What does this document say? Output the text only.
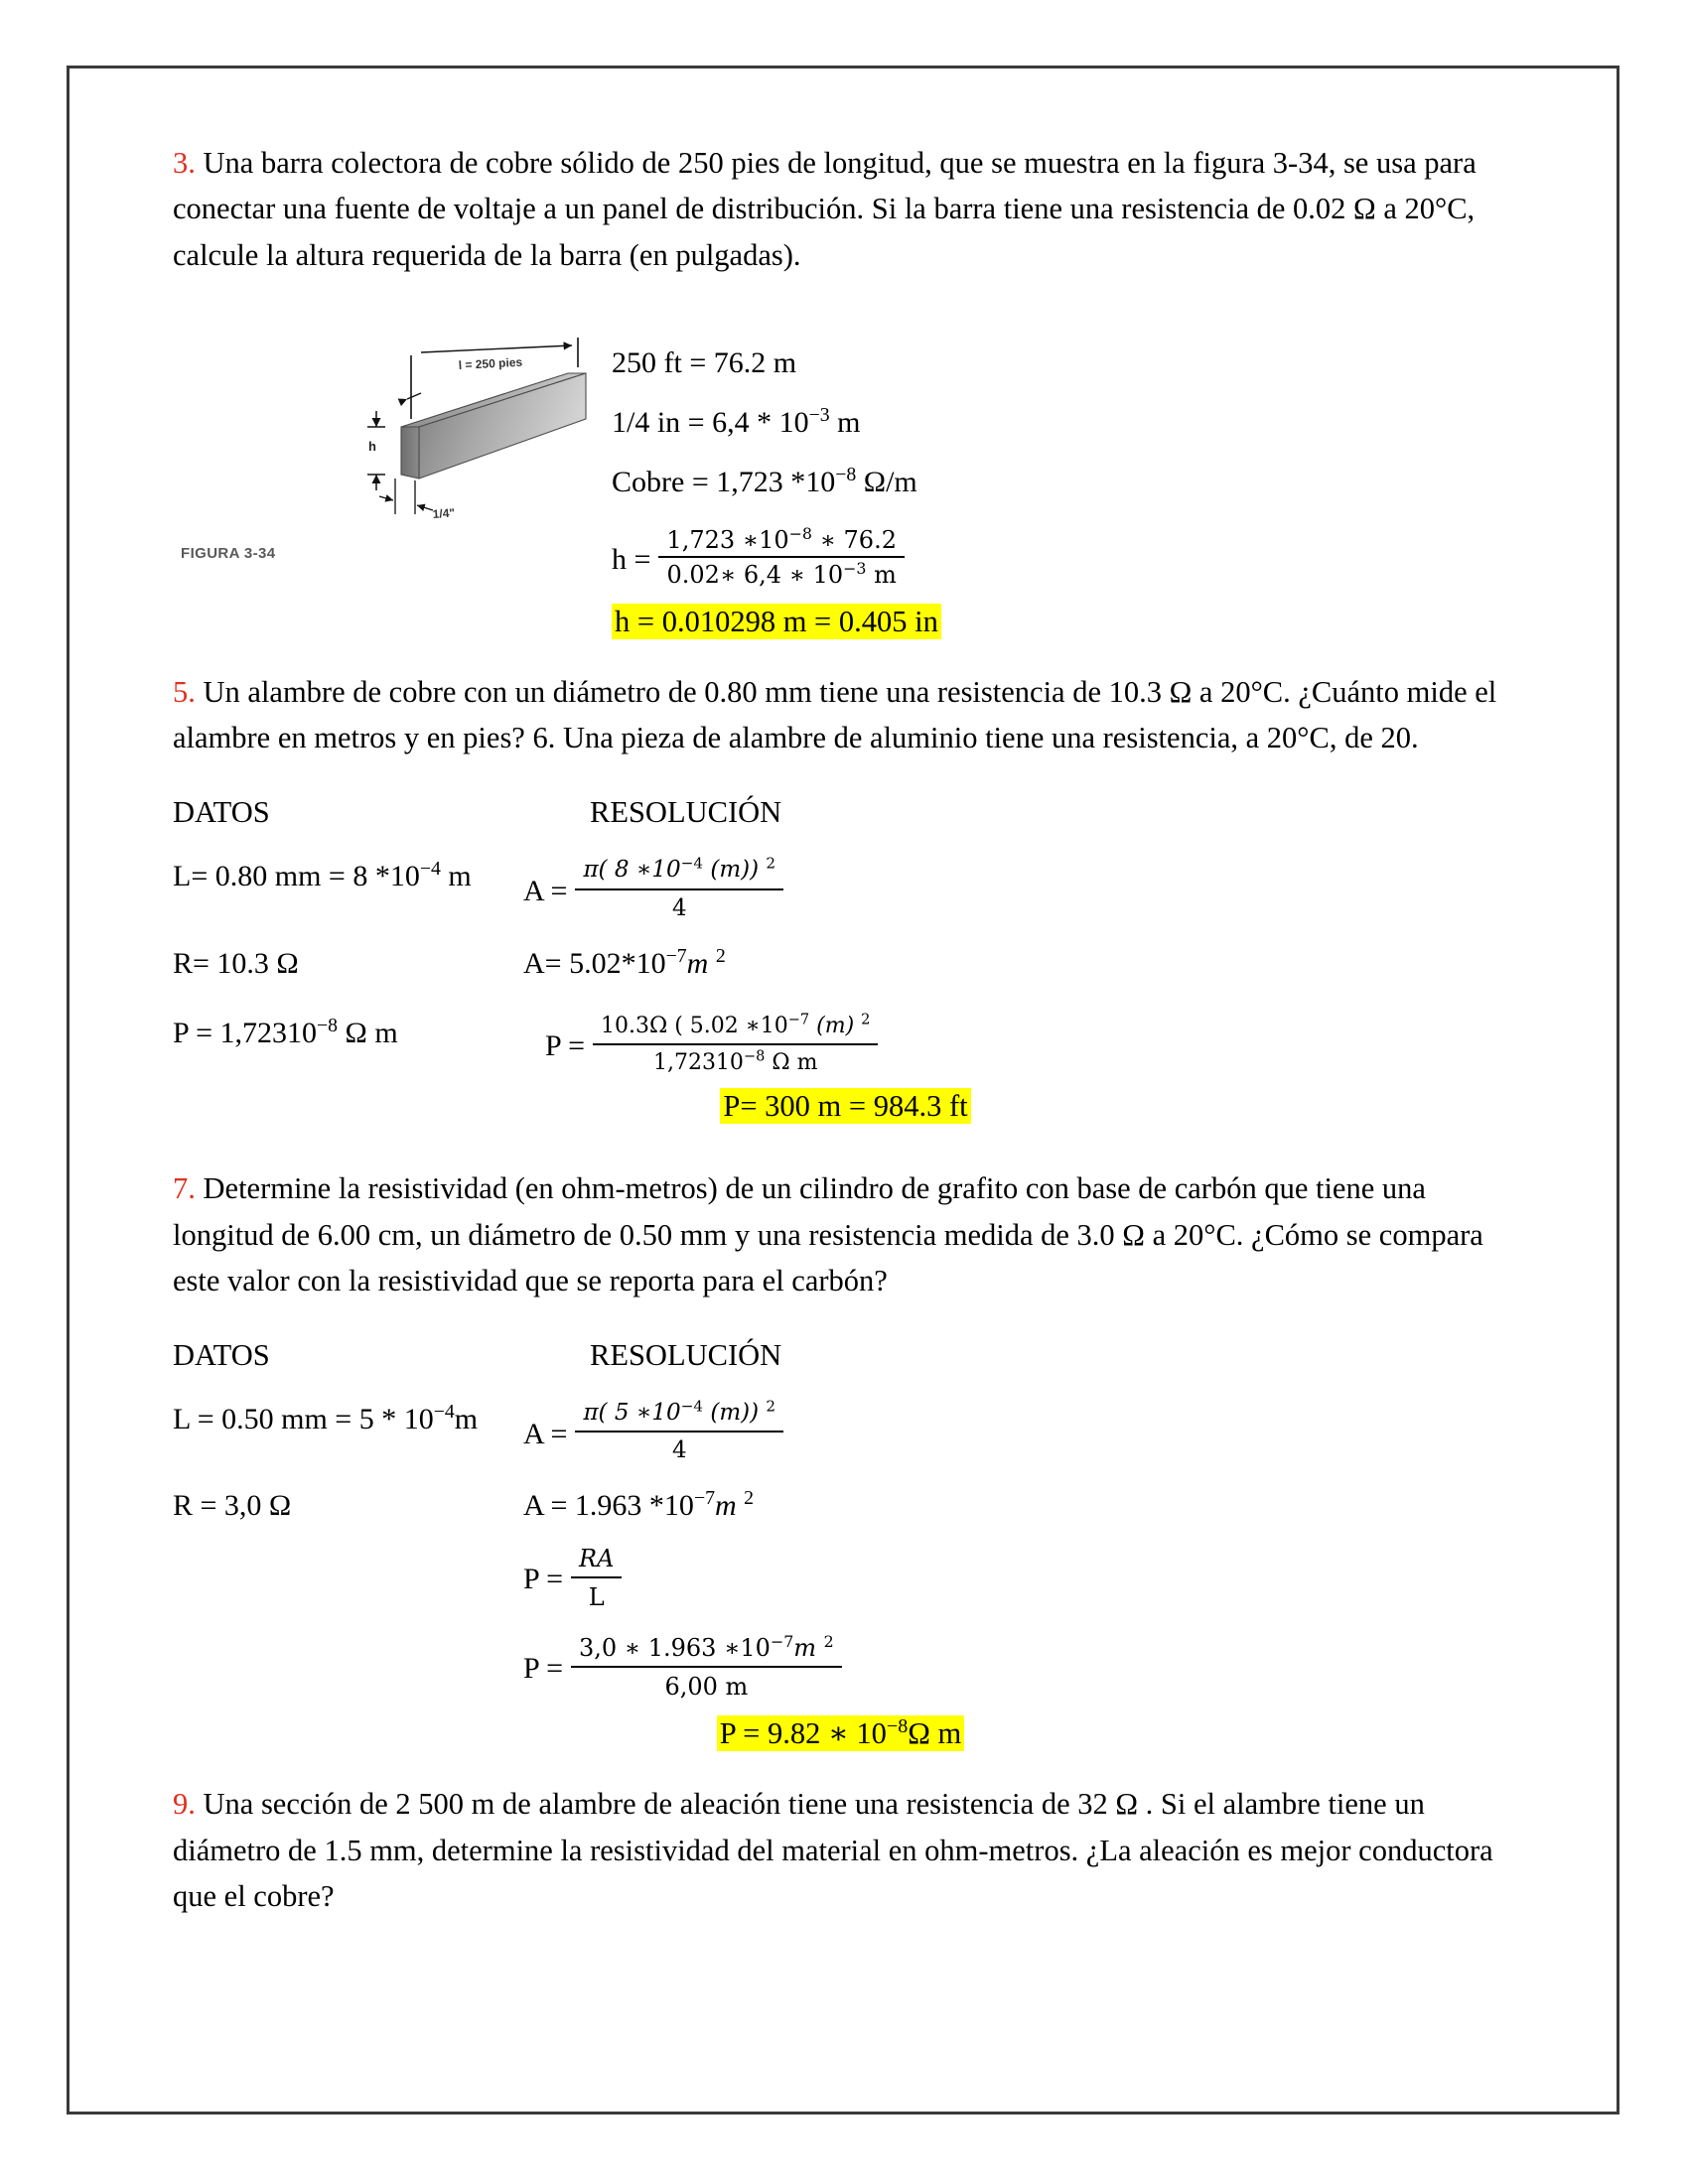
3. Una barra colectora de cobre sólido de 250 pies de longitud, que se muestra en la figura 3-34, se usa para conectar una fuente de voltaje a un panel de distribución. Si la barra tiene una resistencia de 0.02 Ω a 20°C, calcule la altura requerida de la barra (en pulgadas).

l = 250 pies
h
1/4"
FIGURA 3-34
250 ft = 76.2 m
1/4 in = $6,4 * 10^{-3}$ m
Cobre = 1,723 $*10^{-8}$ Ω/m
$h = \frac{1,723 ∗10^{-8} ∗ 76.2}{0.02∗ 6,4 ∗ 10^{-3} m}$
h = 0.010298 m = 0.405 in

5. Un alambre de cobre con un diámetro de 0.80 mm tiene una resistencia de 10.3 Ω a 20°C. ¿Cuánto mide el alambre en metros y en pies? 6. Una pieza de alambre de aluminio tiene una resistencia, a 20°C, de 20.

DATOS	RESOLUCIÓN
L= 0.80 mm = 8 $*10^{-4}$ m	$A = \frac{\pi( 8 ∗10^{-4} (m)) ^2}{4}$
R= 10.3 Ω	$A= 5.02*10^{-7}m$ $^2$
$P = 1,72310^{-8}$ Ω m	$P = \frac{10.3\Omega ( 5.02 ∗10^{-7} (m) ^2}{1,72310^{-8} \Omega m}$
P= 300 m = 984.3 ft

7. Determine la resistividad (en ohm-metros) de un cilindro de grafito con base de carbón que tiene una longitud de 6.00 cm, un diámetro de 0.50 mm y una resistencia medida de 3.0 Ω a 20°C. ¿Cómo se compara este valor con la resistividad que se reporta para el carbón?

DATOS	RESOLUCIÓN
L = 0.50 mm = $5 * 10^{-4}m$	$A = \frac{\pi( 5 ∗10^{-4} (m)) ^2}{4}$
R = 3,0 Ω	A = 1.963 $*10^{-7}m$ $^2$

$P = \frac{RA}{L}$

$P = \frac{3,0 ∗ 1.963 ∗10^{-7}m ^2}{6,00 m}$
P = 9.82 ∗ $10^{-8}\Omega$ m

9. Una sección de 2 500 m de alambre de aleación tiene una resistencia de 32 Ω . Si el alambre tiene un diámetro de 1.5 mm, determine la resistividad del material en ohm-metros. ¿La aleación es mejor conductora que el cobre?
